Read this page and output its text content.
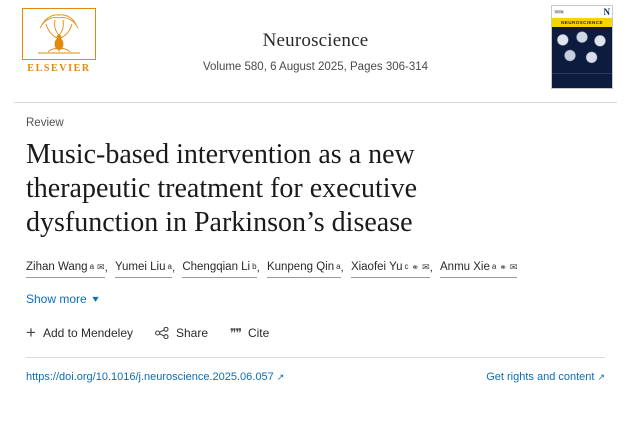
ELSEVIER
Neuroscience
Volume 580, 6 August 2025, Pages 306-314
ISSN	N
NEUROSCIENCE
Review
Music-based intervention as a new therapeutic treatment for executive dysfunction in Parkinson’s disease
Zihan Wang a ✉ , Yumei Liu a , Chengqian Li b , Kunpeng Qin a , Xiaofei Yu c ⚭ ✉ , Anmu Xie a ⚭ ✉
Show more ▾
+ Add to Mendeley	Share ❞❞ Cite
https://doi.org/10.1016/j.neuroscience.2025.06.057 ↗	Get rights and content ↗
